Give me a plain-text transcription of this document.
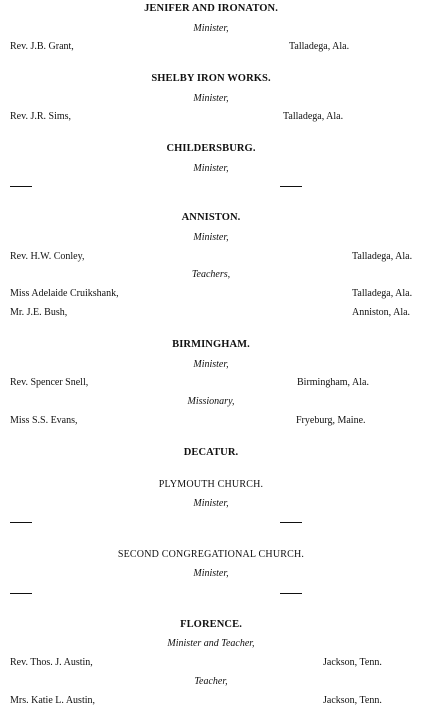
JENIFER AND IRONATON.
Minister,
Rev. J.B. Grant,	Talladega, Ala.
SHELBY IRON WORKS.
Minister,
Rev. J.R. Sims,	Talladega, Ala.
CHILDERSBURG.
Minister,
ANNISTON.
Minister,
Rev. H.W. Conley,	Talladega, Ala.
Teachers,
Miss Adelaide Cruikshank,	Talladega, Ala.
Mr. J.E. Bush,	Anniston, Ala.
BIRMINGHAM.
Minister,
Rev. Spencer Snell,	Birmingham, Ala.
Missionary,
Miss S.S. Evans,	Fryeburg, Maine.
DECATUR.
PLYMOUTH CHURCH.
Minister,
SECOND CONGREGATIONAL CHURCH.
Minister,
FLORENCE.
Minister and Teacher,
Rev. Thos. J. Austin,	Jackson, Tenn.
Teacher,
Mrs. Katie L. Austin,	Jackson, Tenn.
